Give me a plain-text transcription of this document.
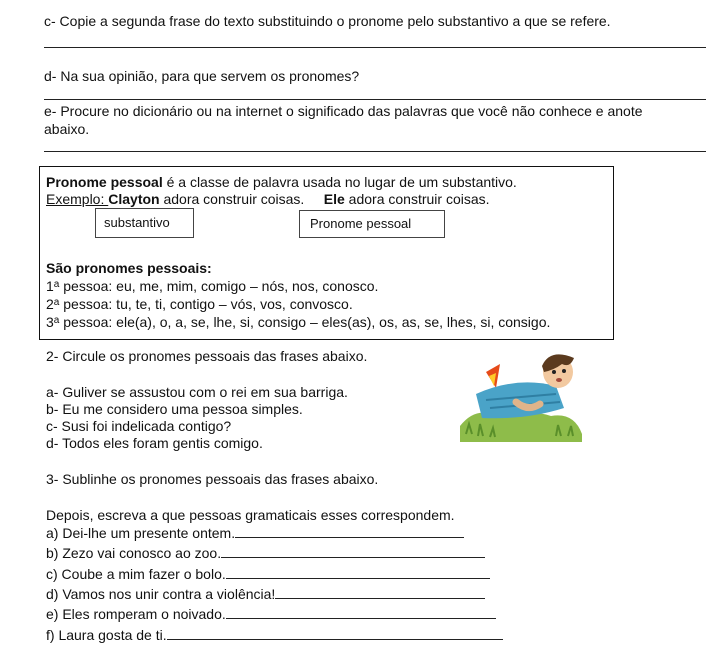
c- Copie a segunda frase do texto substituindo o pronome pelo substantivo a que se refere.
d- Na sua opinião, para que servem os pronomes?
e- Procure no dicionário ou na internet o significado das palavras que você não conhece e anote
abaixo.
Pronome pessoal é a classe de palavra usada no lugar de um substantivo.
Exemplo: Clayton adora construir coisas. Ele adora construir coisas.
substantivo	Pronome pessoal
São pronomes pessoais:
1$^a$ pessoa: eu, me, mim, comigo – nós, nos, conosco.
2$^a$ pessoa: tu, te, ti, contigo – vós, vos, convosco.
3$^a$ pessoa: ele(a), o, a, se, lhe, si, consigo – eles(as), os, as, se, lhes, si, consigo.
2- Circule os pronomes pessoais das frases abaixo.
a- Guliver se assustou com o rei em sua barriga.
b- Eu me considero uma pessoa simples.
c- Susi foi indelicada contigo?
d- Todos eles foram gentis comigo.
3- Sublinhe os pronomes pessoais das frases abaixo.
Depois, escreva a que pessoas gramaticais esses correspondem.
a) Dei-lhe um presente ontem.
b) Zezo vai conosco ao zoo.
c) Coube a mim fazer o bolo.
d) Vamos nos unir contra a violência!
e) Eles romperam o noivado.
f) Laura gosta de ti.
